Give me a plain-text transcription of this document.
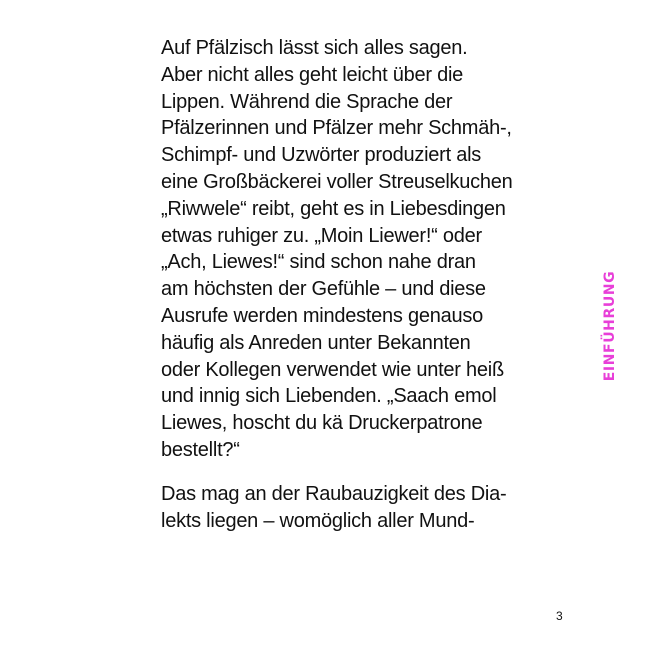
Auf Pfälzisch lässt sich alles sagen.
Aber nicht alles geht leicht über die
Lippen. Während die Sprache der
Pfälzerinnen und Pfälzer mehr Schmäh-,
Schimpf- und Uzwörter produziert als
eine Großbäckerei voller Streuselkuchen
„Riwwele“ reibt, geht es in Liebesdingen
etwas ruhiger zu. „Moin Liewer!“ oder
„Ach, Liewes!“ sind schon nahe dran
am höchsten der Gefühle – und diese
Ausrufe werden mindestens genauso
häufig als Anreden unter Bekannten
oder Kollegen verwendet wie unter heiß
und innig sich Liebenden. „Saach emol
Liewes, hoscht du kä Druckerpatrone
bestellt?“

Das mag an der Raubauzigkeit des Dia-
lekts liegen – womöglich aller Mund-

EINFÜHRUNG
3
